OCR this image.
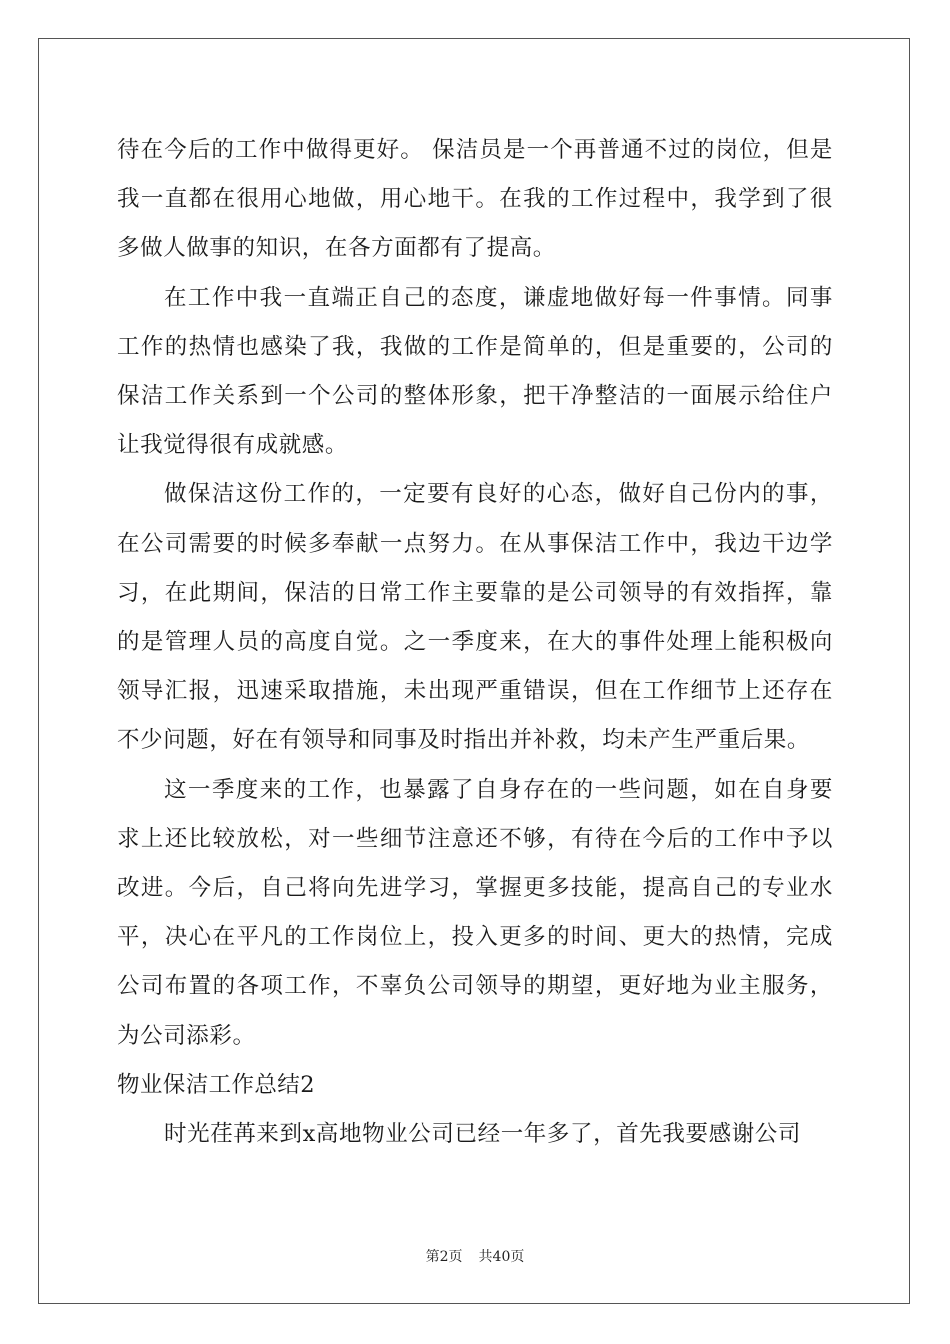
待在今后的工作中做得更好。 保洁员是一个再普通不过的岗位，但是我一直都在很用心地做，用心地干。在我的工作过程中，我学到了很多做人做事的知识，在各方面都有了提高。

在工作中我一直端正自己的态度，谦虚地做好每一件事情。同事工作的热情也感染了我，我做的工作是简单的，但是重要的，公司的保洁工作关系到一个公司的整体形象，把干净整洁的一面展示给住户让我觉得很有成就感。

做保洁这份工作的，一定要有良好的心态，做好自己份内的事，在公司需要的时候多奉献一点努力。在从事保洁工作中，我边干边学习，在此期间，保洁的日常工作主要靠的是公司领导的有效指挥，靠的是管理人员的高度自觉。之一季度来，在大的事件处理上能积极向领导汇报，迅速采取措施，未出现严重错误，但在工作细节上还存在不少问题，好在有领导和同事及时指出并补救，均未产生严重后果。

这一季度来的工作，也暴露了自身存在的一些问题，如在自身要求上还比较放松，对一些细节注意还不够，有待在今后的工作中予以改进。今后，自己将向先进学习，掌握更多技能，提高自己的专业水平，决心在平凡的工作岗位上，投入更多的时间、更大的热情，完成公司布置的各项工作，不辜负公司领导的期望，更好地为业主服务，为公司添彩。

物业保洁工作总结2

时光荏苒来到x高地物业公司已经一年多了，首先我要感谢公司

第2页 共40页
